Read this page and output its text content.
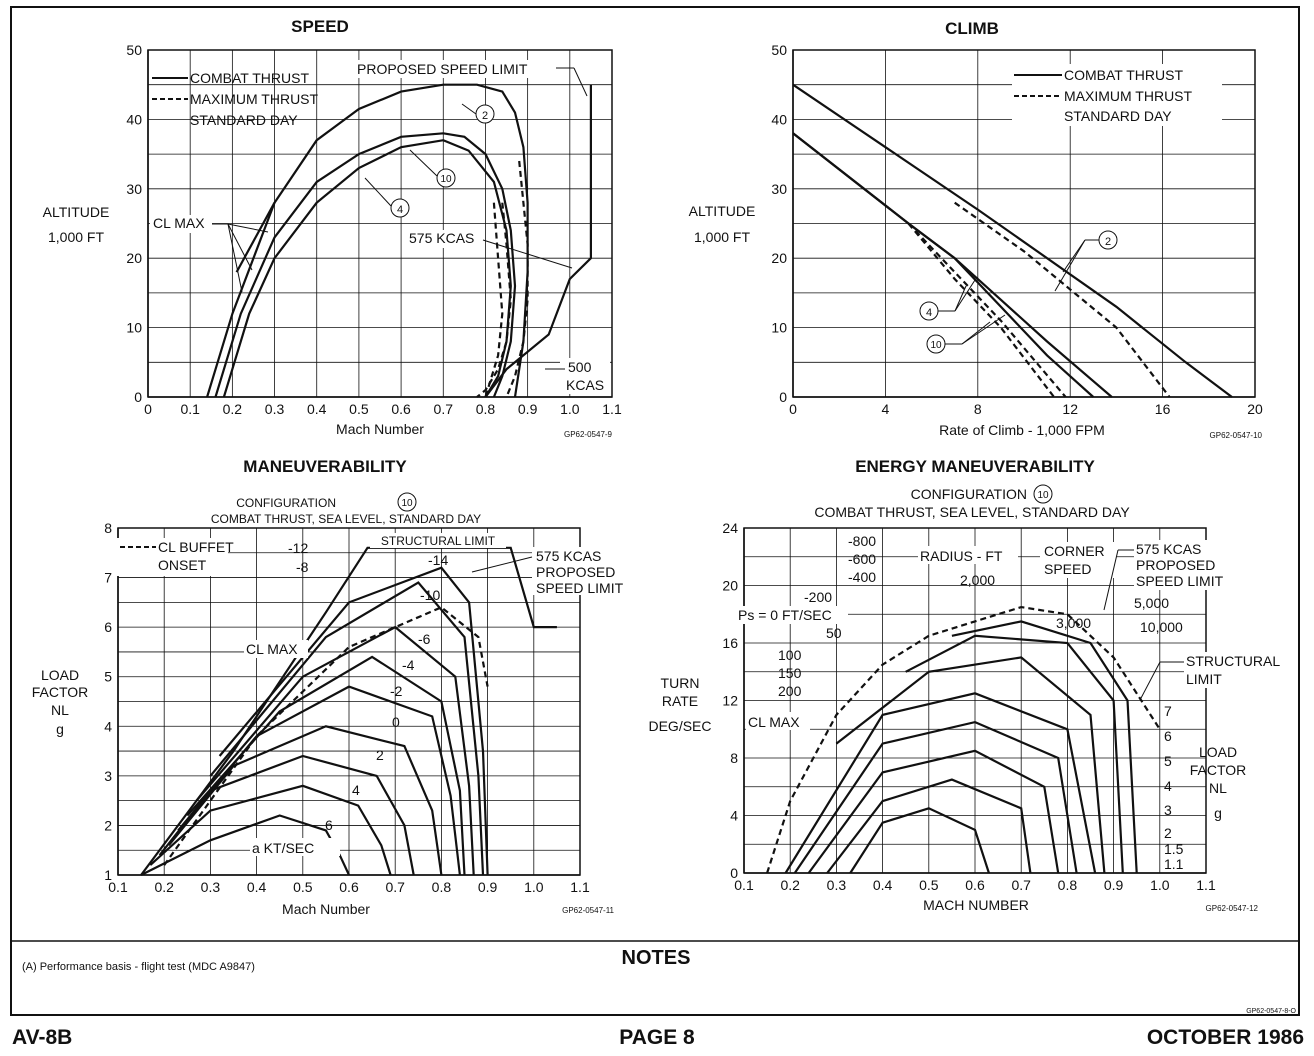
0 0.1 0.2 0.3 0.4 0.5 0.6 0.7 0.8 0.9 1.0 1.1
0
10
20
30
40
50
SPEED
ALTITUDE
1,000 FT
Mach Number	GP62-0547-9
COMBAT THRUST
MAXIMUM THRUST
STANDARD DAY
PROPOSED SPEED LIMIT
CL MAX
575 KCAS
500
KCAS
2
10
4
0	4	8	12	16	20
0
10
20
30
40
50
CLIMB
ALTITUDE
1,000 FT
Rate of Climb - 1,000 FPM	GP62-0547-10
COMBAT THRUST
MAXIMUM THRUST
STANDARD DAY
2
4
10
0.1 0.2 0.3 0.4 0.5 0.6 0.7 0.8 0.9 1.0 1.1
1
2
3
4
5
6
7
8
MANEUVERABILITY
CONFIGURATION	10
COMBAT THRUST, SEA LEVEL, STANDARD DAY
LOAD
FACTOR
NL
g
Mach Number	GP62-0547-11
CL BUFFET
ONSET
STRUCTURAL LIMIT
575 KCAS
PROPOSED
SPEED LIMIT
CL MAX
a KT/SEC
-12
-8	-14
-10
-6
-4
-2
0
2
4
6
0.1 0.2 0.3 0.4 0.5 0.6 0.7 0.8 0.9 1.0 1.1
0
4
8
12
16
20
24
ENERGY MANEUVERABILITY
CONFIGURATION 10
COMBAT THRUST, SEA LEVEL, STANDARD DAY
TURN
RATE
DEG/SEC
LOAD
FACTOR
NL
g
MACH NUMBER	GP62-0547-12
RADIUS - FT	CORNER
SPEED
575 KCAS
PROPOSED
SPEED LIMIT
STRUCTURAL
LIMIT
Ps = 0 FT/SEC
CL MAX
-800
-600
-400
-200
50
100
150
200
2,000
3,000
5,000
10,000
7
6
5
4
3
2
1.5
1.1
NOTES
(A) Performance basis - flight test (MDC A9847)
GP62-0547-8-O
AV-8B	PAGE 8	OCTOBER 1986
